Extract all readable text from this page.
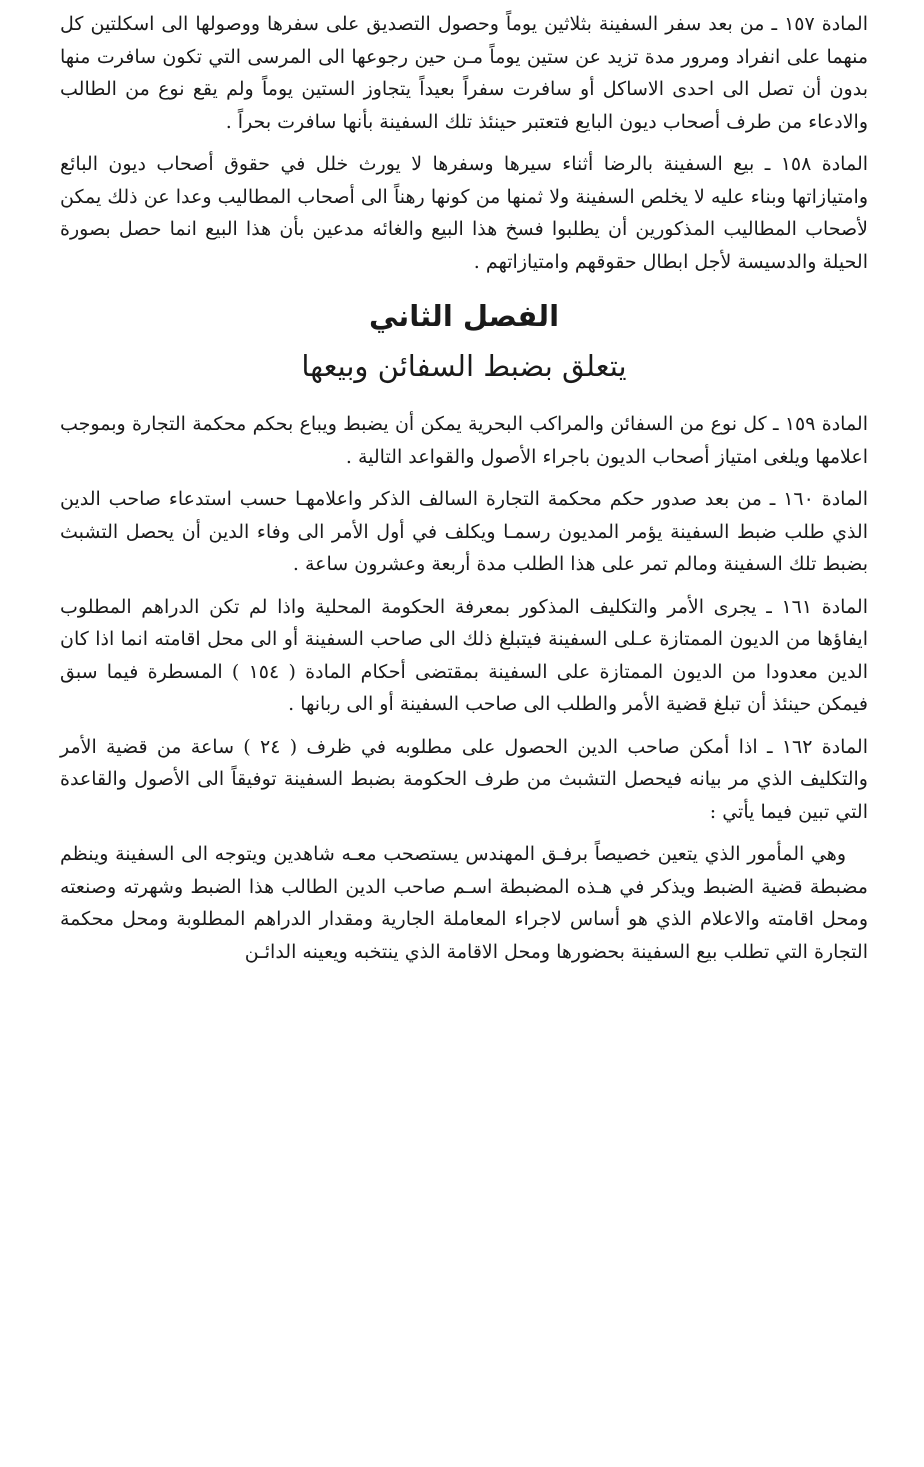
المادة ١٥٧ ـ من بعد سفر السفينة بثلاثين يوماً وحصول التصديق على سفرها ووصولها الى اسكلتين كل منهما على انفراد ومرور مدة تزيد عن ستين يوماً مـن حين رجوعها الى المرسى التي تكون سافرت منها بدون أن تصل الى احدى الاساكل أو سافرت سفراً بعيداً يتجاوز الستين يوماً ولم يقع نوع من الطالب والادعاء من طرف أصحاب ديون البايع فتعتبر حينئذ تلك السفينة بأنها سافرت بحراً .

المادة ١٥٨ ـ بيع السفينة بالرضا أثناء سيرها وسفرها لا يورث خلل في حقوق أصحاب ديون البائع وامتيازاتها وبناء عليه لا يخلص السفينة ولا ثمنها من كونها رهناً الى أصحاب المطاليب وعدا عن ذلك يمكن لأصحاب المطاليب المذكورين أن يطلبوا فسخ هذا البيع والغائه مدعين بأن هذا البيع انما حصل بصورة الحيلة والدسيسة لأجل ابطال حقوقهم وامتيازاتهم .

الفصل الثاني
يتعلق بضبط السفائن وبيعها

المادة ١٥٩ ـ كل نوع من السفائن والمراكب البحرية يمكن أن يضبط ويباع بحكم محكمة التجارة وبموجب اعلامها ويلغى امتياز أصحاب الديون باجراء الأصول والقواعد التالية .

المادة ١٦٠ ـ من بعد صدور حكم محكمة التجارة السالف الذكر واعلامهـا حسب استدعاء صاحب الدين الذي طلب ضبط السفينة يؤمر المديون رسمـا ويكلف في أول الأمر الى وفاء الدين أن يحصل التشبث بضبط تلك السفينة ومالم تمر على هذا الطلب مدة أربعة وعشرون ساعة .

المادة ١٦١ ـ يجرى الأمر والتكليف المذكور بمعرفة الحكومة المحلية واذا لم تكن الدراهم المطلوب ايفاؤها من الديون الممتازة عـلى السفينة فيتبلغ ذلك الى صاحب السفينة أو الى محل اقامته انما اذا كان الدين معدودا من الديون الممتازة على السفينة بمقتضى أحكام المادة ( ١٥٤ ) المسطرة فيما سبق فيمكن حينئذ أن تبلغ قضية الأمر والطلب الى صاحب السفينة أو الى ربانها .

المادة ١٦٢ ـ اذا أمكن صاحب الدين الحصول على مطلوبه في ظرف ( ٢٤ ) ساعة من قضية الأمر والتكليف الذي مر بيانه فيحصل التشبث من طرف الحكومة بضبط السفينة توفيقاً الى الأصول والقاعدة التي تبين فيما يأتي :

وهي المأمور الذي يتعين خصيصاً برفـق المهندس يستصحب معـه شاهدين ويتوجه الى السفينة وينظم مضبطة قضية الضبط ويذكر في هـذه المضبطة اسـم صاحب الدين الطالب هذا الضبط وشهرته وصنعته ومحل اقامته والاعلام الذي هو أساس لاجراء المعاملة الجارية ومقدار الدراهم المطلوبة ومحل محكمة التجارة التي تطلب بيع السفينة بحضورها ومحل الاقامة الذي ينتخبه ويعينه الدائـن
